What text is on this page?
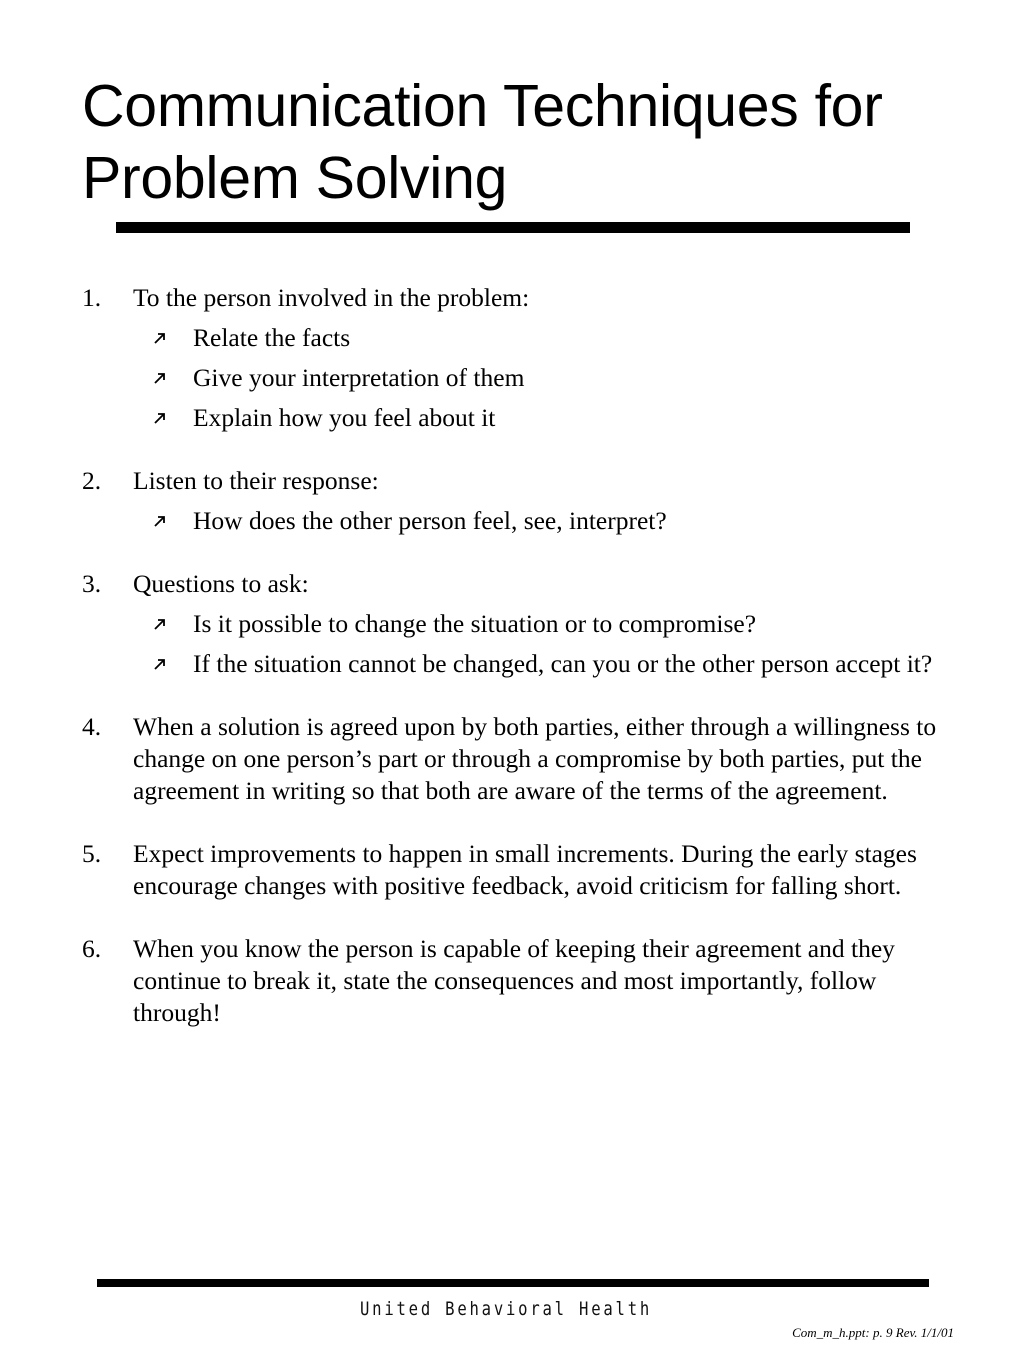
Communication Techniques for Problem Solving
1. To the person involved in the problem:
Relate the facts
Give your interpretation of them
Explain how you feel about it
2. Listen to their response:
How does the other person feel, see, interpret?
3. Questions to ask:
Is it possible to change the situation or to compromise?
If the situation cannot be changed, can you or the other person accept it?
4. When a solution is agreed upon by both parties, either through a willingness to change on one person’s part or through a compromise by both parties, put the agreement in writing so that both are aware of the terms of the agreement.
5. Expect improvements to happen in small increments. During the early stages encourage changes with positive feedback, avoid criticism for falling short.
6. When you know the person is capable of keeping their agreement and they continue to break it, state the consequences and most importantly, follow through!
United Behavioral Health
Com_m_h.ppt: p. 9 Rev. 1/1/01
